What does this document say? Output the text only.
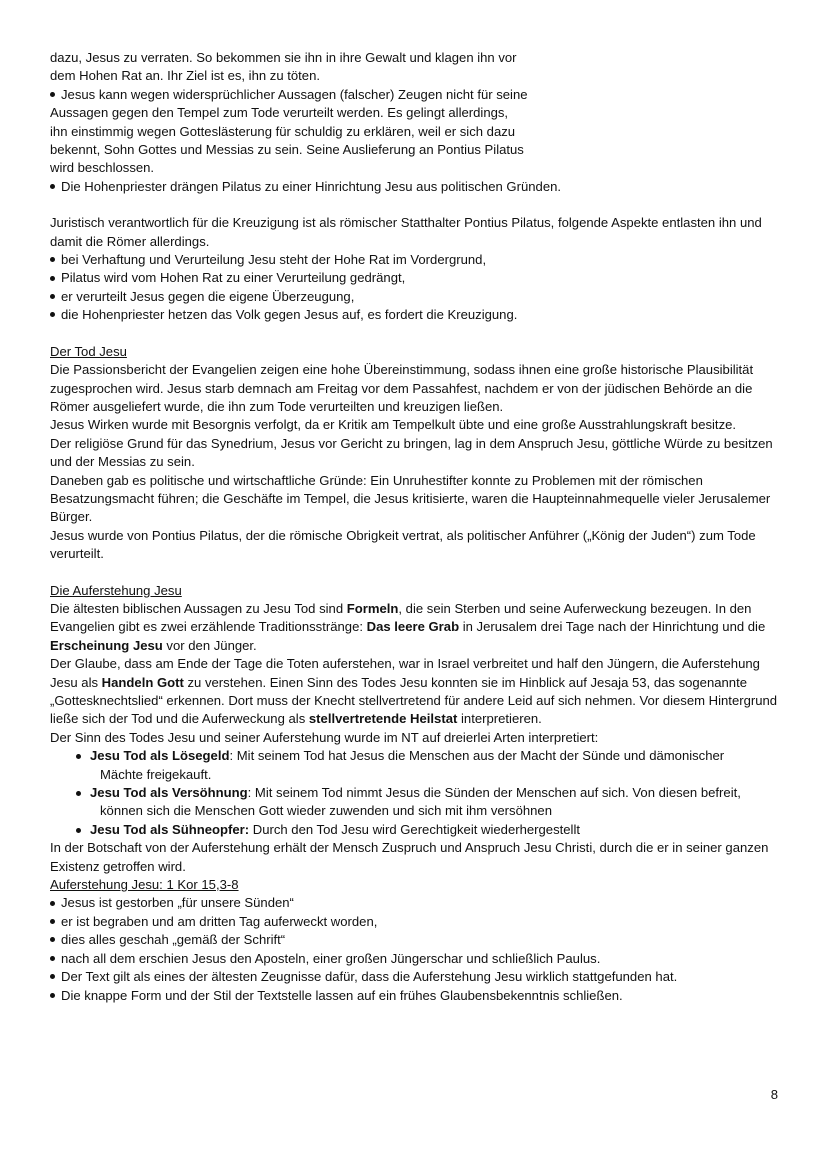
dazu, Jesus zu verraten. So bekommen sie ihn in ihre Gewalt und klagen ihn vor
dem Hohen Rat an. Ihr Ziel ist es, ihn zu töten.
Jesus kann wegen widersprüchlicher Aussagen (falscher) Zeugen nicht für seine
Aussagen gegen den Tempel zum Tode verurteilt werden. Es gelingt allerdings,
ihn einstimmig wegen Gotteslästerung für schuldig zu erklären, weil er sich dazu
bekennt, Sohn Gottes und Messias zu sein. Seine Auslieferung an Pontius Pilatus
wird beschlossen.
Die Hohenpriester drängen Pilatus zu einer Hinrichtung Jesu aus politischen Gründen.

Juristisch verantwortlich für die Kreuzigung ist als römischer Statthalter Pontius Pilatus, folgende Aspekte entlasten ihn und damit die Römer allerdings.

bei Verhaftung und Verurteilung Jesu steht der Hohe Rat im Vordergrund,
Pilatus wird vom Hohen Rat zu einer Verurteilung gedrängt,
er verurteilt Jesus gegen die eigene Überzeugung,
die Hohenpriester hetzen das Volk gegen Jesus auf, es fordert die Kreuzigung.
Der Tod Jesu

Die Passionsbericht der Evangelien zeigen eine hohe Übereinstimmung, sodass ihnen eine große historische Plausibilität zugesprochen wird. Jesus starb demnach am Freitag vor dem Passahfest, nachdem er von der jüdischen Behörde an die Römer ausgeliefert wurde, die ihn zum Tode verurteilten und kreuzigen ließen.

Jesus Wirken wurde mit Besorgnis verfolgt, da er Kritik am Tempelkult übte und eine große Ausstrahlungskraft besitze.

Der religiöse Grund für das Synedrium, Jesus vor Gericht zu bringen, lag in dem Anspruch Jesu, göttliche Würde zu besitzen und der Messias zu sein.

Daneben gab es politische und wirtschaftliche Gründe: Ein Unruhestifter konnte zu Problemen mit der römischen Besatzungsmacht führen; die Geschäfte im Tempel, die Jesus kritisierte, waren die Haupteinnahmequelle vieler Jerusalemer Bürger.

Jesus wurde von Pontius Pilatus, der die römische Obrigkeit vertrat, als politischer Anführer („König der Juden“) zum Tode verurteilt.

Die Auferstehung Jesu

Die ältesten biblischen Aussagen zu Jesu Tod sind Formeln, die sein Sterben und seine Auferweckung bezeugen. In den Evangelien gibt es zwei erzählende Traditionsstränge: Das leere Grab in Jerusalem drei Tage nach der Hinrichtung und die Erscheinung Jesu vor den Jünger.

Der Glaube, dass am Ende der Tage die Toten auferstehen, war in Israel verbreitet und half den Jüngern, die Auferstehung Jesu als Handeln Gott zu verstehen. Einen Sinn des Todes Jesu konnten sie im Hinblick auf Jesaja 53, das sogenannte „Gottesknechtslied“ erkennen. Dort muss der Knecht stellvertretend für andere Leid auf sich nehmen. Vor diesem Hintergrund ließe sich der Tod und die Auferweckung als stellvertretende Heilstat interpretieren.

Der Sinn des Todes Jesu und seiner Auferstehung wurde im NT auf dreierlei Arten interpretiert:

Jesu Tod als Lösegeld: Mit seinem Tod hat Jesus die Menschen aus der Macht der Sünde und dämonischer
Mächte freigekauft.
Jesu Tod als Versöhnung: Mit seinem Tod nimmt Jesus die Sünden der Menschen auf sich. Von diesen befreit,
können sich die Menschen Gott wieder zuwenden und sich mit ihm versöhnen
Jesu Tod als Sühneopfer: Durch den Tod Jesu wird Gerechtigkeit wiederhergestellt

In der Botschaft von der Auferstehung erhält der Mensch Zuspruch und Anspruch Jesu Christi, durch die er in seiner ganzen Existenz getroffen wird.

Auferstehung Jesu: 1 Kor 15,3-8
Jesus ist gestorben „für unsere Sünden“
er ist begraben und am dritten Tag auferweckt worden,
dies alles geschah „gemäß der Schrift“
nach all dem erschien Jesus den Aposteln, einer großen Jüngerschar und schließlich Paulus.
Der Text gilt als eines der ältesten Zeugnisse dafür, dass die Auferstehung Jesu wirklich stattgefunden hat.
Die knappe Form und der Stil der Textstelle lassen auf ein frühes Glaubensbekenntnis schließen.
8
